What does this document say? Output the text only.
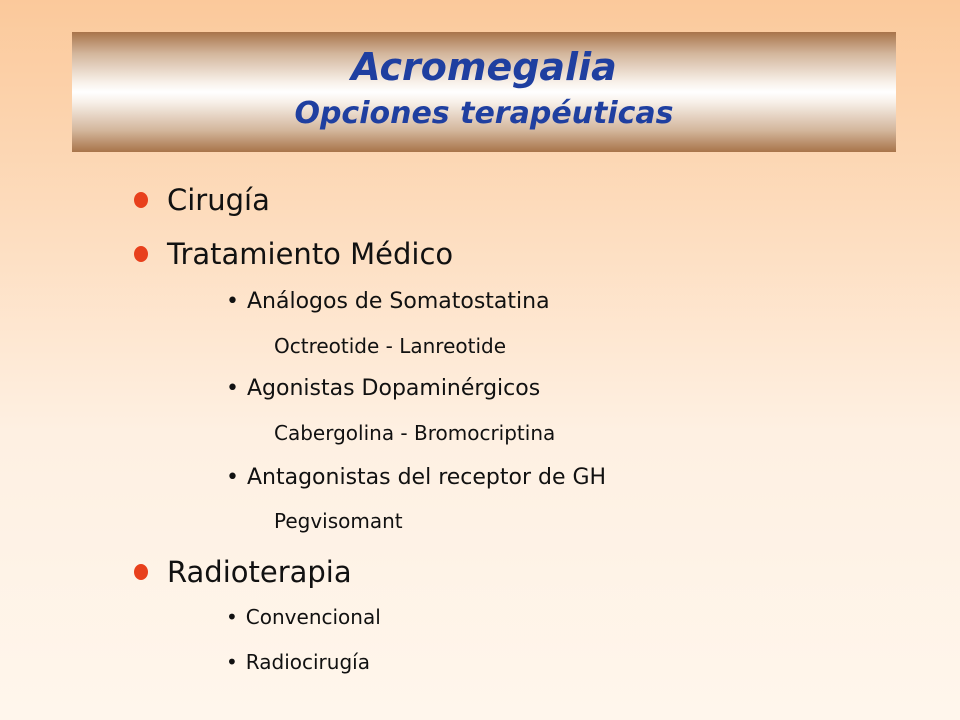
Acromegalia
Opciones terapéuticas
Cirugía
Tratamiento Médico
• Análogos de Somatostatina
Octreotide - Lanreotide
• Agonistas Dopaminérgicos
Cabergolina - Bromocriptina
• Antagonistas del receptor de GH
Pegvisomant
Radioterapia
• Convencional
• Radiocirugía
